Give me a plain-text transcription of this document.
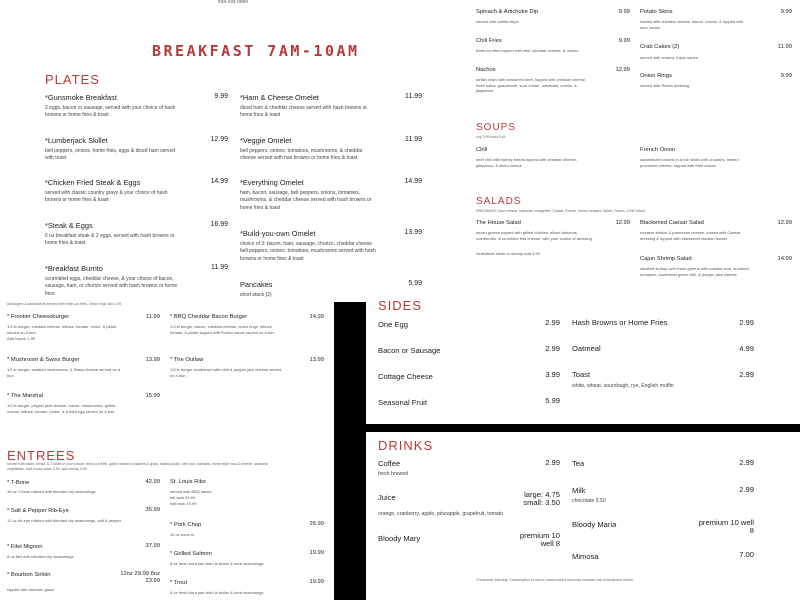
928-433-0889
BREAKFAST 7AM-10AM
PLATES
*Gunsmoke Breakfast	9.99
2 eggs, bacon or sausage, served with your choice of hash browns or home fries & toast
*Lumberjack Skillet	12.99
bell peppers, onions, home fries, eggs & diced ham served with toast
*Chicken Fried Steak & Eggs	14.99
served with classic country gravy & your choice of hash browns or home fries & toast
*Steak & Eggs	16.99
6 oz breakfast steak & 2 eggs, served with hash browns or home fries & toast
*Breakfast Burrito	11.99
scrambled eggs, cheddar cheese, & your choice of bacon, sausage, ham, or chorizo served with hash browns or home fries
*Ham & Cheese Omelet	11.99
diced ham & cheddar cheese served with hash browns or home fries & toast
*Veggie Omelet	11.99
bell peppers, onions, tomatoes, mushrooms, & cheddar cheese served with has browns or home fries & toast
*Everything Omelet	14.99
ham, bacon, sausage, bell peppers, onions, tomatoes, mushrooms, & cheddar cheese served with hash browns or home fries & toast
*Build-you-own Omelet	13.99
choice of 3: bacon, ham, sausage, chorizo, cheddar cheese bell peppers, onions, tomatoes, mushrooms served with hash browns or home fries & toast
Pancakes	5.99
short stack (2)
Spinach & Artichoke Dip	9.99
served with tortilla chips
Chili Fries	9.99
fresh-cut fries topped with chili, cheddar cheese, & onions
Nachos	12.99
tortilla chips with seasoned beef, topped with cheddar cheese, fresh salsa, guacamole, sour cream, tomatoes, onions, & jalapenos
Potato Skins	9.99
loaded with cheddar cheese, bacon, onions, & topped with sour cream
Crab Cakes (2)	11.99
served with creamy Cajun sauce
Onion Rings	9.99
served with Ranch dressing
SOUPS
cup 3.99 bowl 5.49
Chili
beef chili with kidney beans topped with cheddar cheese, jalapenos, & diced onions
French Onion
caramelized onions in a rich broth with croutons, melted provolone cheese, topped with fried onions
SALADS
DRESSINGS: blue cheese, balsamic vinaigrette, Caesar, French, honey mustard, Italian, Ranch, 1000 Island
The House Salad	12.99
mixed greens topped with grilled chicken, sliced almonds, cranberries, & crumbled feta cheese, with your choice of dressing
*substitute steak or shrimp add 3.99
Blackened Caesar Salad	12.99
romaine lettuce & parmesan cheese, tossed with Caesar dressing & topped with blackened chicken breast
Cajun Shrimp Salad	14.99
sautéed shrimp over fresh greens with roasted corn, sundried tomatoes, southwest green chili, & pepper jack cheese
all burgers & sandwiches served with fresh-cut fries. Onion rings add 1.99
* Frontier Cheeseburger	11.99
1/3 lb burger, cheddar cheese, lettuce, tomato, onion, & pickle served on a bun
Add bacon 1.99
* Mushroom & Swiss Burger	13.99
1/3 lb burger, sautéed mushrooms, & Swiss cheese served on a bun
* The Marshal	15.99
1/3 lb burger, pepper jack cheese, bacon, mushrooms, grilled onions, lettuce, tomato, pickle, & a fried egg served on a bun
* BBQ Cheddar Bacon Burger	14.99
1/3 lb burger, bacon, cheddar cheese, onion rings, lettuce, tomato, & pickle topped with Rodeo sauce served on a bun
* The Outlaw	13.99
1/3 lb burger smothered with chili & pepper jack cheese served on a bun
SIDES
One Egg	2.99
Bacon or Sausage	2.99
Cottage Cheese	3.99
Seasonal Fruit	5.99
Hash Browns or Home Fries	2.99
Oatmeal	4.99
Toast	2.99
white, wheat, sourdough, rye, English muffin
ENTREES
served with salad, bread, & 2 sides of your choice: fresh-cut fries, garlic mashed potatoes & gravy, baked potato, wild rice, coleslaw, home-style mac & cheese, seasonal vegetables. Add house salad 3.99, add shrimp 4.99
* T-Bone	42.99
16 oz T-bone rubbed with blended dry seasonings
* Salt & Pepper Rib-Eye	35.99
12 oz rib-eye rubbed with blended dry seasonings, salt & pepper
* Filet Mignon	37.99
8 oz filet with blended dry seasonings
* Bourbon Sirloin	12oz 29.99 8oz 23.99
topped with bourbon glaze
St. Louis Ribs
served with BBQ sauce
full-rack 29.99
half-rack 19.99
* Pork Chop	26.99
10 oz bone-in
* Grilled Salmon	19.99
8 oz fresh trout pan-fried in butter & herb seasonings
* Trout	19.99
8 oz fresh trout pan-fried in butter & herb seasonings
DRINKS
Coffee	2.99
fresh brewed
Juice	large: 4.75 small: 3.50
orange, cranberry, apple, pineapple, grapefruit, tomato
Bloody Mary	premium 10 well 8
Tea	2.99
Milk	2.99
chocolate 3.50
Bloody Maria	premium 10 well 8
Mimosa	7.00
*Consumer Warning: Consumption of raw or undercooked food may increase risk of foodborne illness
